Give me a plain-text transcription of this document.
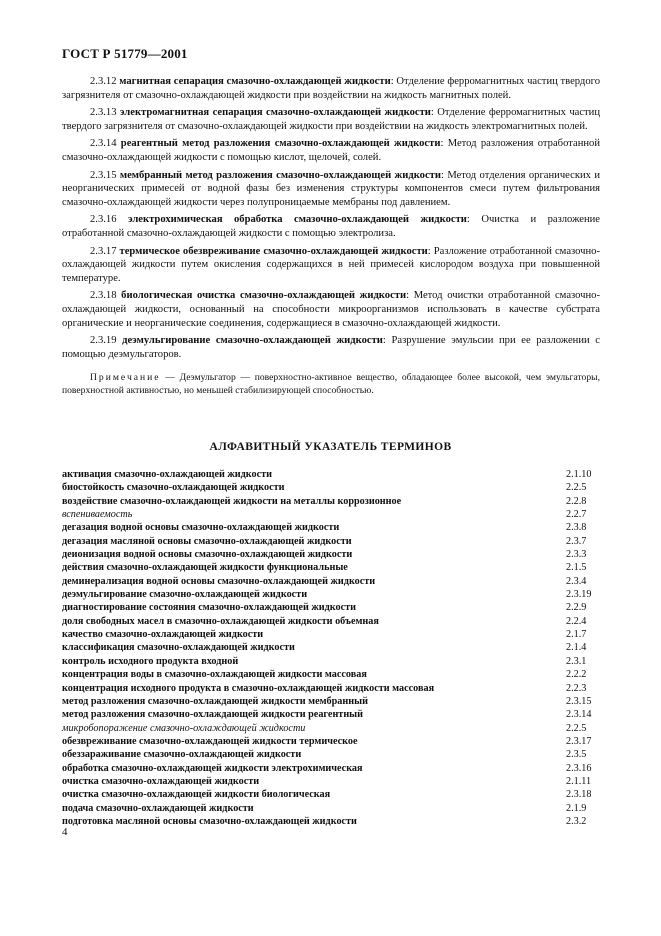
ГОСТ Р 51779—2001

2.3.12 магнитная сепарация смазочно-охлаждающей жидкости: Отделение ферромагнитных частиц твердого загрязнителя от смазочно-охлаждающей жидкости при воздействии на жидкость магнитных полей.

2.3.13 электромагнитная сепарация смазочно-охлаждающей жидкости: Отделение ферромагнитных частиц твердого загрязнителя от смазочно-охлаждающей жидкости при воздействии на жидкость электромагнитных полей.

2.3.14 реагентный метод разложения смазочно-охлаждающей жидкости: Метод разложения отработанной смазочно-охлаждающей жидкости с помощью кислот, щелочей, солей.

2.3.15 мембранный метод разложения смазочно-охлаждающей жидкости: Метод отделения органических и неорганических примесей от водной фазы без изменения структуры компонентов смеси путем фильтрования смазочно-охлаждающей жидкости через полупроницаемые мембраны под давлением.

2.3.16 электрохимическая обработка смазочно-охлаждающей жидкости: Очистка и разложение отработанной смазочно-охлаждающей жидкости с помощью электролиза.

2.3.17 термическое обезвреживание смазочно-охлаждающей жидкости: Разложение отработанной смазочно-охлаждающей жидкости путем окисления содержащихся в ней примесей кислородом воздуха при повышенной температуре.

2.3.18 биологическая очистка смазочно-охлаждающей жидкости: Метод очистки отработанной смазочно-охлаждающей жидкости, основанный на способности микроорганизмов использовать в качестве субстрата органические и неорганические соединения, содержащиеся в смазочно-охлаждающей жидкости.

2.3.19 деэмульгирование смазочно-охлаждающей жидкости: Разрушение эмульсии при ее разложении с помощью деэмульгаторов.

Примечание — Деэмульгатор — поверхностно-активное вещество, обладающее более высокой, чем эмульгаторы, поверхностной активностью, но меньшей стабилизирующей способностью.

АЛФАВИТНЫЙ УКАЗАТЕЛЬ ТЕРМИНОВ
активация смазочно-охлаждающей жидкости	2.1.10
биостойкость смазочно-охлаждающей жидкости	2.2.5
воздействие смазочно-охлаждающей жидкости на металлы коррозионное	2.2.8
вспениваемость	2.2.7
дегазация водной основы смазочно-охлаждающей жидкости	2.3.8
дегазация масляной основы смазочно-охлаждающей жидкости	2.3.7
деионизация водной основы смазочно-охлаждающей жидкости	2.3.3
действия смазочно-охлаждающей жидкости функциональные	2.1.5
деминерализация водной основы смазочно-охлаждающей жидкости	2.3.4
деэмульгирование смазочно-охлаждающей жидкости	2.3.19
диагностирование состояния смазочно-охлаждающей жидкости	2.2.9
доля свободных масел в смазочно-охлаждающей жидкости объемная	2.2.4
качество смазочно-охлаждающей жидкости	2.1.7
классификация смазочно-охлаждающей жидкости	2.1.4
контроль исходного продукта входной	2.3.1
концентрация воды в смазочно-охлаждающей жидкости массовая	2.2.2
концентрация исходного продукта в смазочно-охлаждающей жидкости массовая	2.2.3
метод разложения смазочно-охлаждающей жидкости мембранный	2.3.15
метод разложения смазочно-охлаждающей жидкости реагентный	2.3.14
микробопоражение смазочно-охлаждающей жидкости	2.2.5
обезвреживание смазочно-охлаждающей жидкости термическое	2.3.17
обеззараживание смазочно-охлаждающей жидкости	2.3.5
обработка смазочно-охлаждающей жидкости электрохимическая	2.3.16
очистка смазочно-охлаждающей жидкости	2.1.11
очистка смазочно-охлаждающей жидкости биологическая	2.3.18
подача смазочно-охлаждающей жидкости	2.1.9
подготовка масляной основы смазочно-охлаждающей жидкости	2.3.2
4
